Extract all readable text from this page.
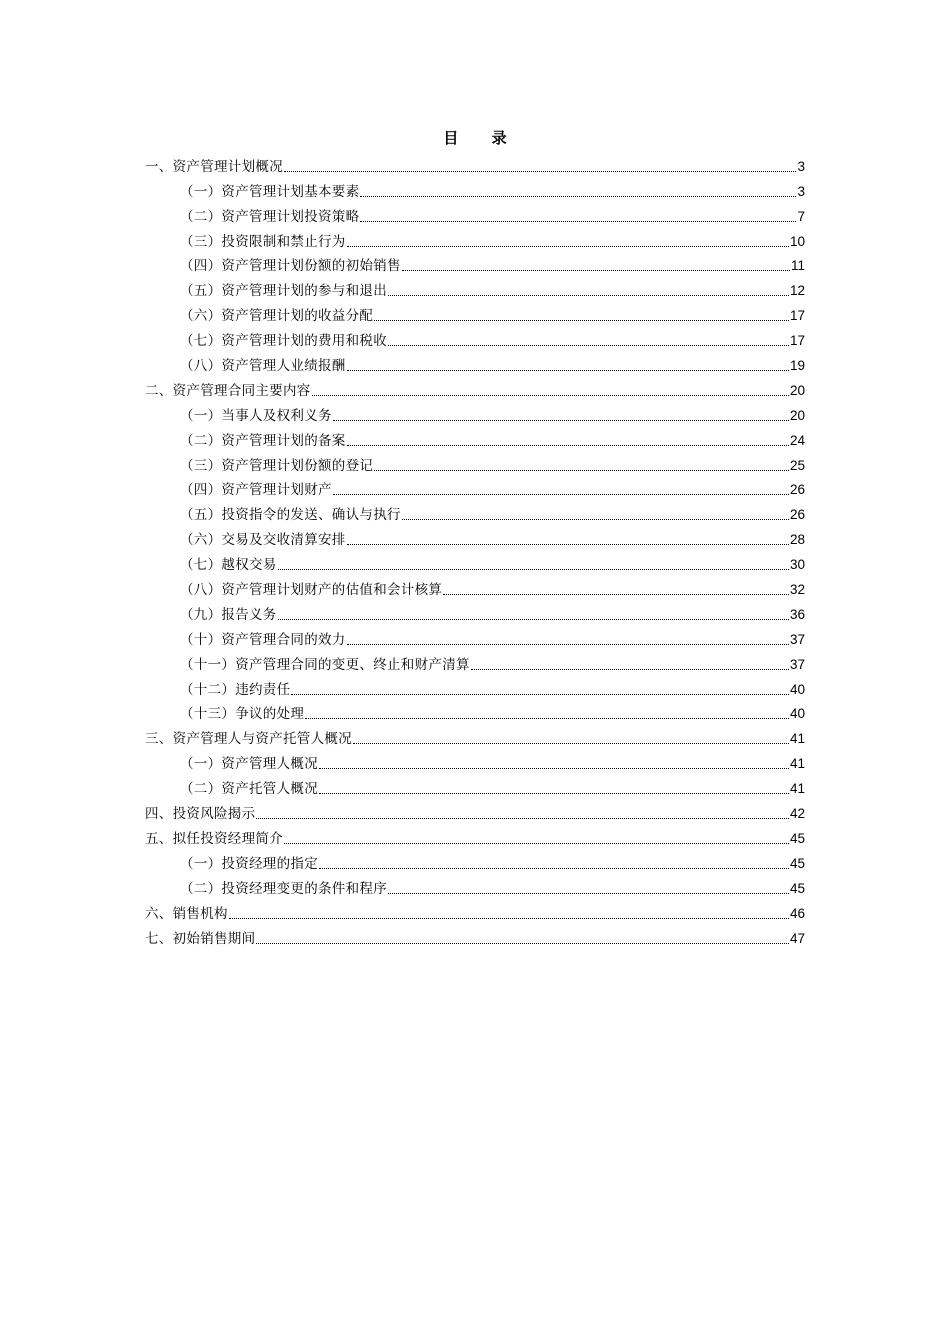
目 录
一、资产管理计划概况	3
（一）资产管理计划基本要素	3
（二）资产管理计划投资策略	7
（三）投资限制和禁止行为	10
（四）资产管理计划份额的初始销售	11
（五）资产管理计划的参与和退出	12
（六）资产管理计划的收益分配	17
（七）资产管理计划的费用和税收	17
（八）资产管理人业绩报酬	19
二、资产管理合同主要内容	20
（一）当事人及权利义务	20
（二）资产管理计划的备案	24
（三）资产管理计划份额的登记	25
（四）资产管理计划财产	26
（五）投资指令的发送、确认与执行	26
（六）交易及交收清算安排	28
（七）越权交易	30
（八）资产管理计划财产的估值和会计核算	32
（九）报告义务	36
（十）资产管理合同的效力	37
（十一）资产管理合同的变更、终止和财产清算	37
（十二）违约责任	40
（十三）争议的处理	40
三、资产管理人与资产托管人概况	41
（一）资产管理人概况	41
（二）资产托管人概况	41
四、投资风险揭示	42
五、拟任投资经理简介	45
（一）投资经理的指定	45
（二）投资经理变更的条件和程序	45
六、销售机构	46
七、初始销售期间	47
